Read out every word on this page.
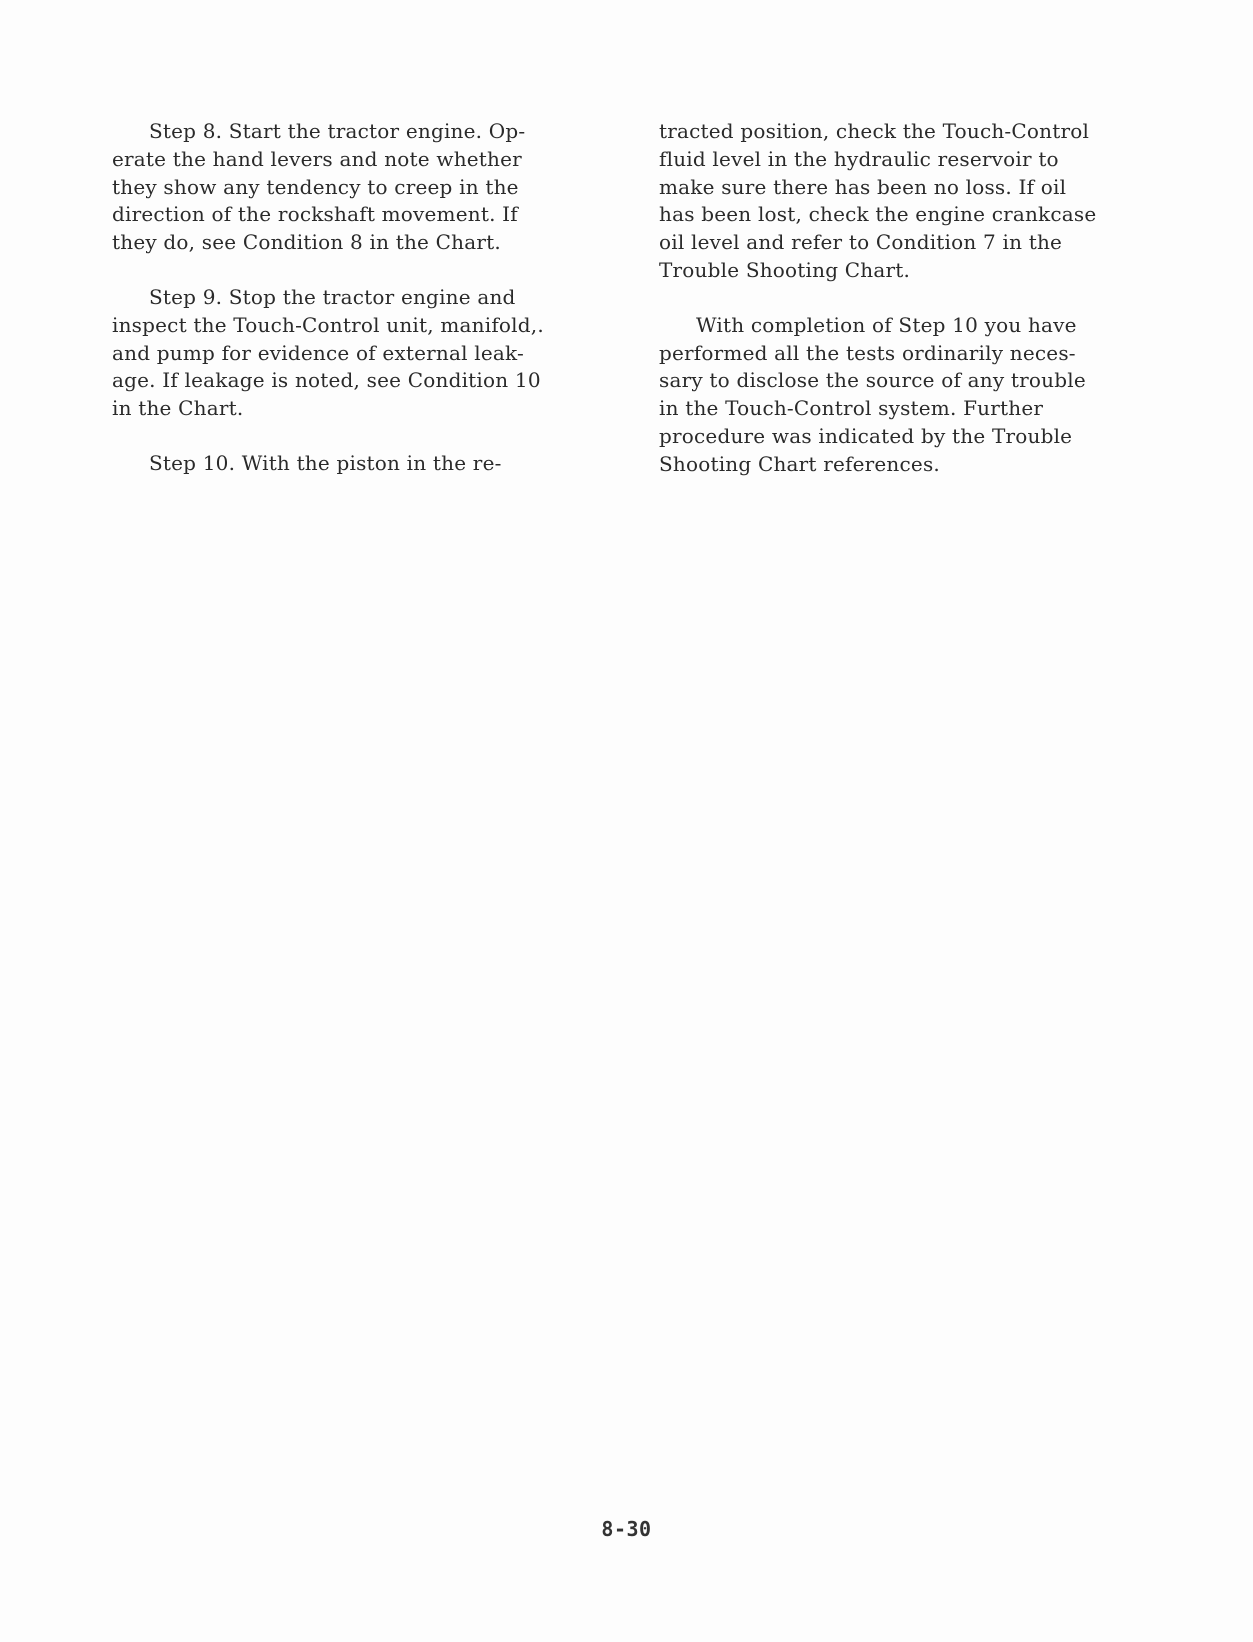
Step 8. Start the tractor engine. Op-
erate the hand levers and note whether
they show any tendency to creep in the
direction of the rockshaft movement. If
they do, see Condition 8 in the Chart.

Step 9. Stop the tractor engine and
inspect the Touch-Control unit, manifold,.
and pump for evidence of external leak-
age. If leakage is noted, see Condition 10
in the Chart.

Step 10. With the piston in the re-

tracted position, check the Touch-Control
fluid level in the hydraulic reservoir to
make sure there has been no loss. If oil
has been lost, check the engine crankcase
oil level and refer to Condition 7 in the
Trouble Shooting Chart.

With completion of Step 10 you have
performed all the tests ordinarily neces-
sary to disclose the source of any trouble
in the Touch-Control system. Further
procedure was indicated by the Trouble
Shooting Chart references.

8-30
